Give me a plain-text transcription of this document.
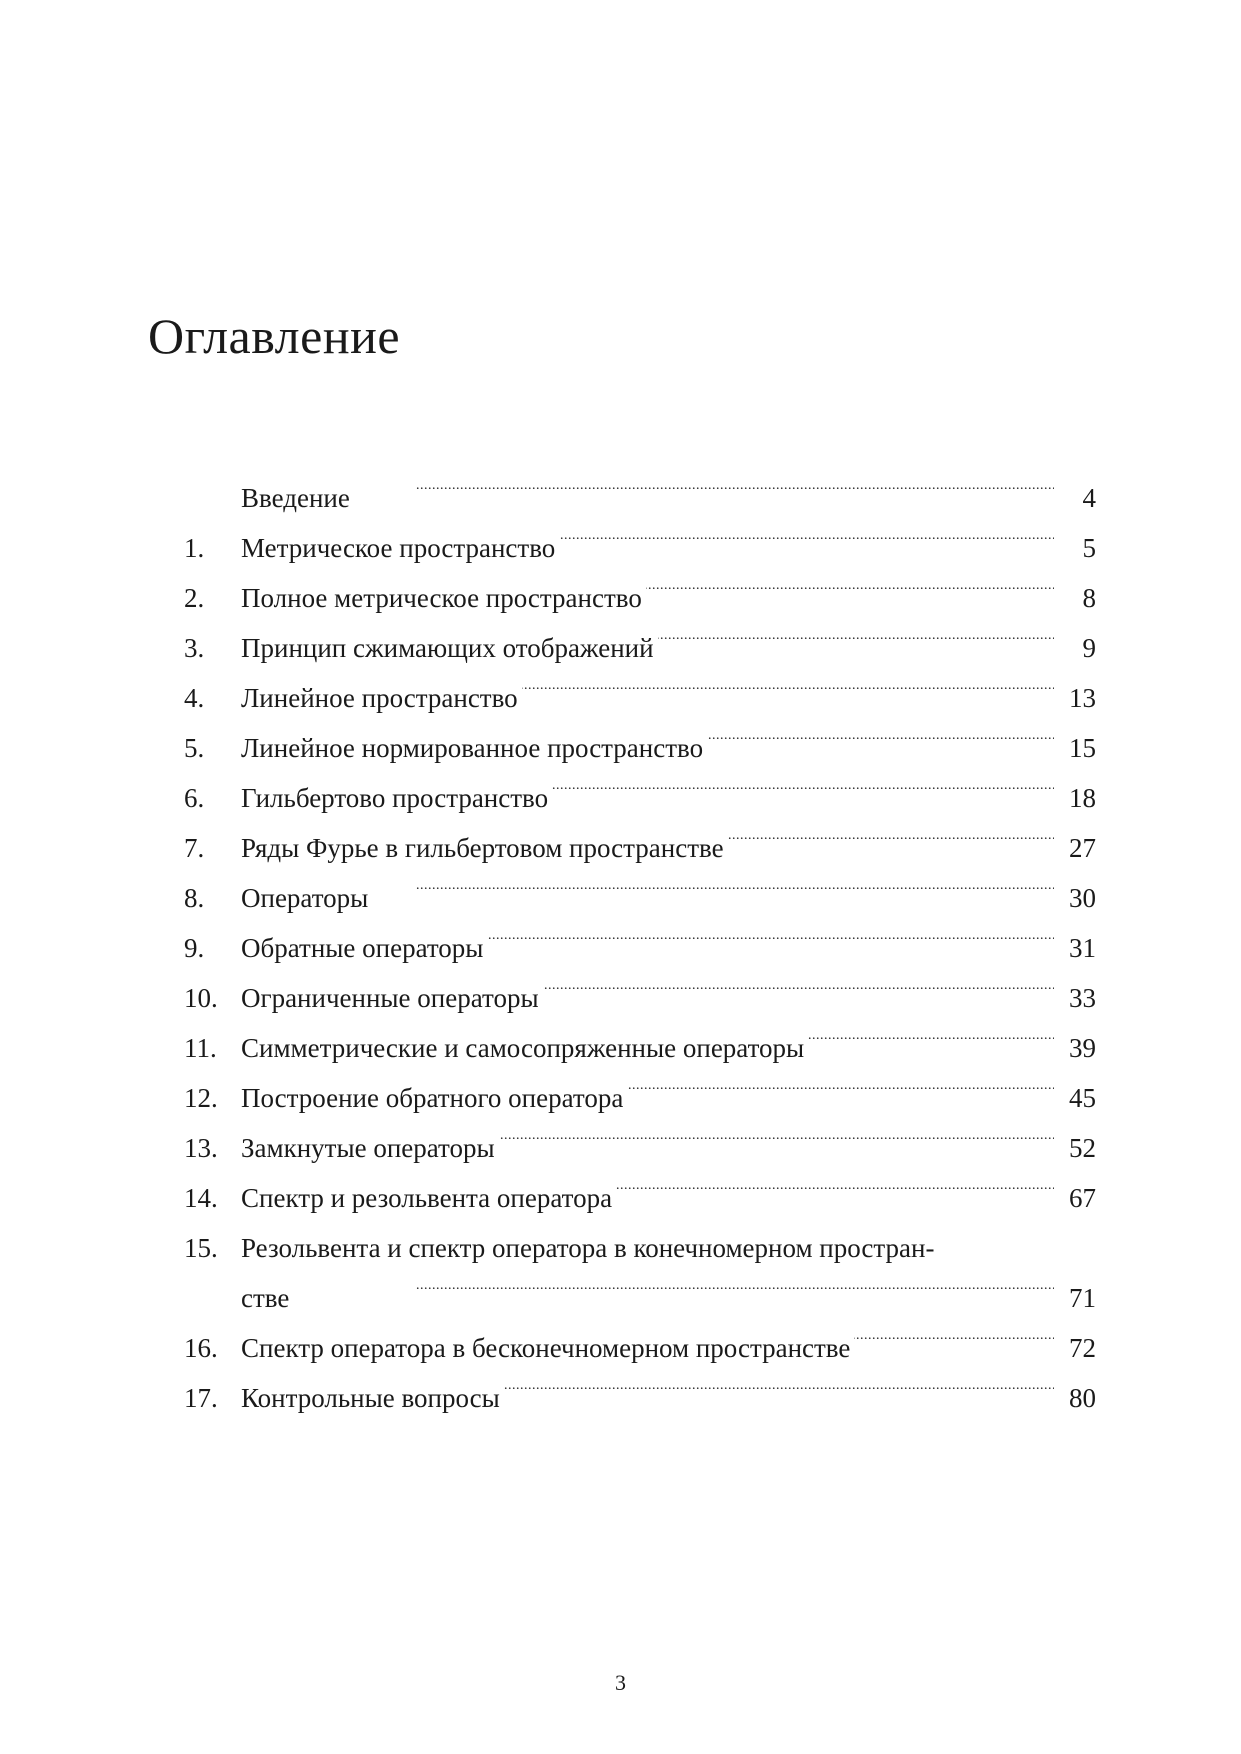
Оглавление
Введение . . .	4
1.	Метрическое пространство . . .	5
2.	Полное метрическое пространство . . .	8
3.	Принцип сжимающих отображений . . .	9
4.	Линейное пространство . . .	13
5.	Линейное нормированное пространство . . .	15
6.	Гильбертово пространство . . .	18
7.	Ряды Фурье в гильбертовом пространстве . . .	27
8.	Операторы . . .	30
9.	Обратные операторы . . .	31
10. Ограниченные операторы . . .	33
11. Симметрические и самосопряженные операторы . . .	39
12. Построение обратного оператора . . .	45
13. Замкнутые операторы . . .	52
14. Спектр и резольвента оператора . . .	67
15. Резольвента и спектр оператора в конечномерном простран-
стве . . .	71
16. Спектр оператора в бесконечномерном пространстве . . .	72
17. Контрольные вопросы . . .	80
3
